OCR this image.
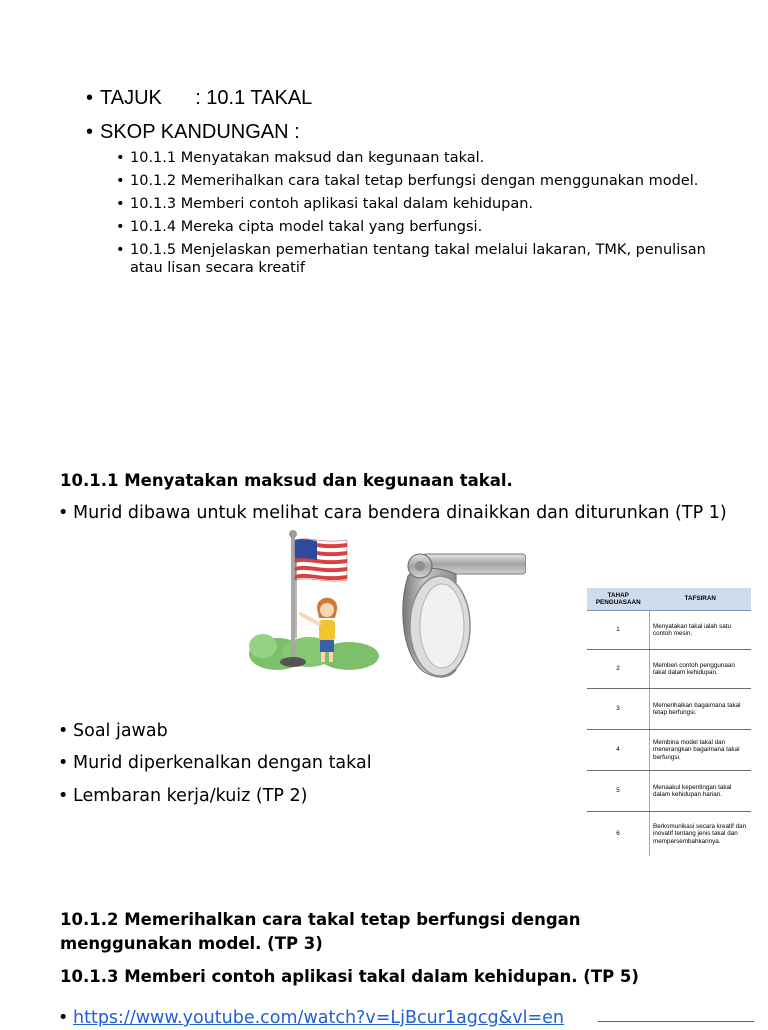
• TAJUK      : 10.1 TAKAL
• SKOP KANDUNGAN :
• 10.1.1 Menyatakan maksud dan kegunaan takal.
• 10.1.2 Memerihalkan cara takal tetap berfungsi dengan menggunakan model.
• 10.1.3 Memberi contoh aplikasi takal dalam kehidupan.
• 10.1.4 Mereka cipta model takal yang berfungsi.
• 10.1.5 Menjelaskan pemerhatian tentang takal melalui lakaran, TMK, penulisan atau lisan secara kreatif
10.1.1 Menyatakan maksud dan kegunaan takal.
• Murid dibawa untuk melihat cara bendera dinaikkan dan diturunkan (TP 1)
TAHAP PENGUASAAN	TAFSIRAN
1	Menyatakan takal ialah satu contoh mesin.
2	Memberi contoh penggunaan takal dalam kehidupan.
3	Memerihalkan bagaimana takal tetap berfungsi.
4	Membina model takal dan menerangkan bagaimana takal berfungsi.
5	Menaakul kepentingan takal dalam kehidupan harian.
6	Berkomunikasi secara kreatif dan inovatif tentang jenis takal dan mempersembahkannya.
• Soal jawab
• Murid diperkenalkan dengan takal
• Lembaran kerja/kuiz (TP 2)
10.1.2 Memerihalkan cara takal tetap berfungsi dengan menggunakan model. (TP 3)
10.1.3 Memberi contoh aplikasi takal dalam kehidupan. (TP 5)
• https://www.youtube.com/watch?v=LjBcur1agcg&vl=en
